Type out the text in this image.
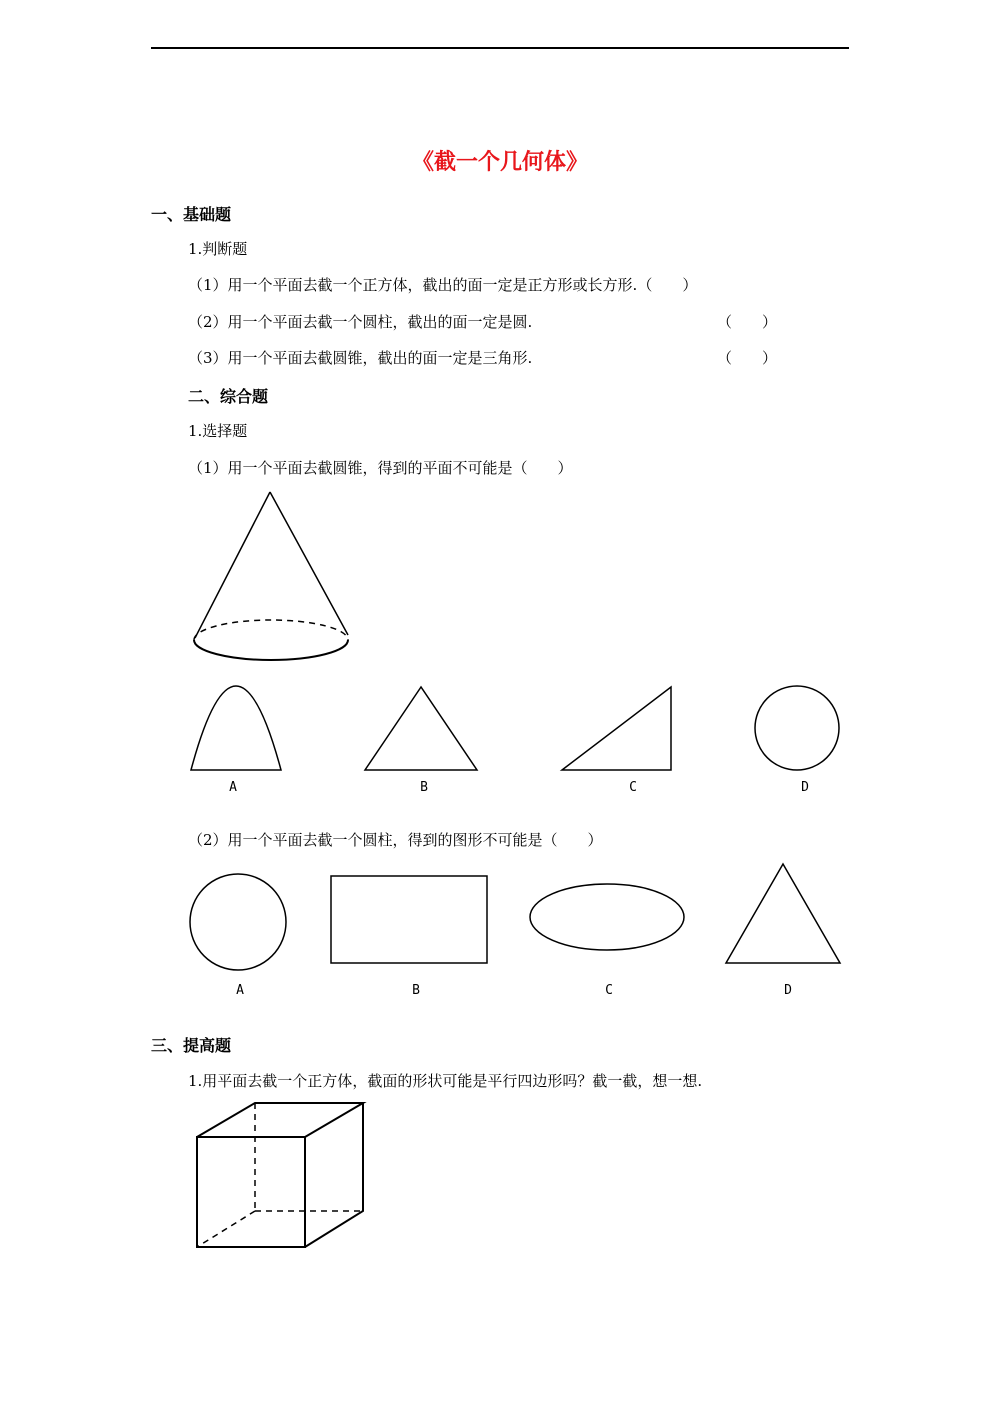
《截一个几何体》
一、基础题
1.判断题
（1）用一个平面去截一个正方体，截出的面一定是正方形或长方形.（　　）
（2）用一个平面去截一个圆柱，截出的面一定是圆.	（　　）
（3）用一个平面去截圆锥，截出的面一定是三角形.	（　　）
二、综合题
1.选择题
（1）用一个平面去截圆锥，得到的平面不可能是（　　）
A	B	C	D
（2）用一个平面去截一个圆柱，得到的图形不可能是（　　）
A	B	C	D
三、提高题
1.用平面去截一个正方体，截面的形状可能是平行四边形吗？截一截，想一想.
